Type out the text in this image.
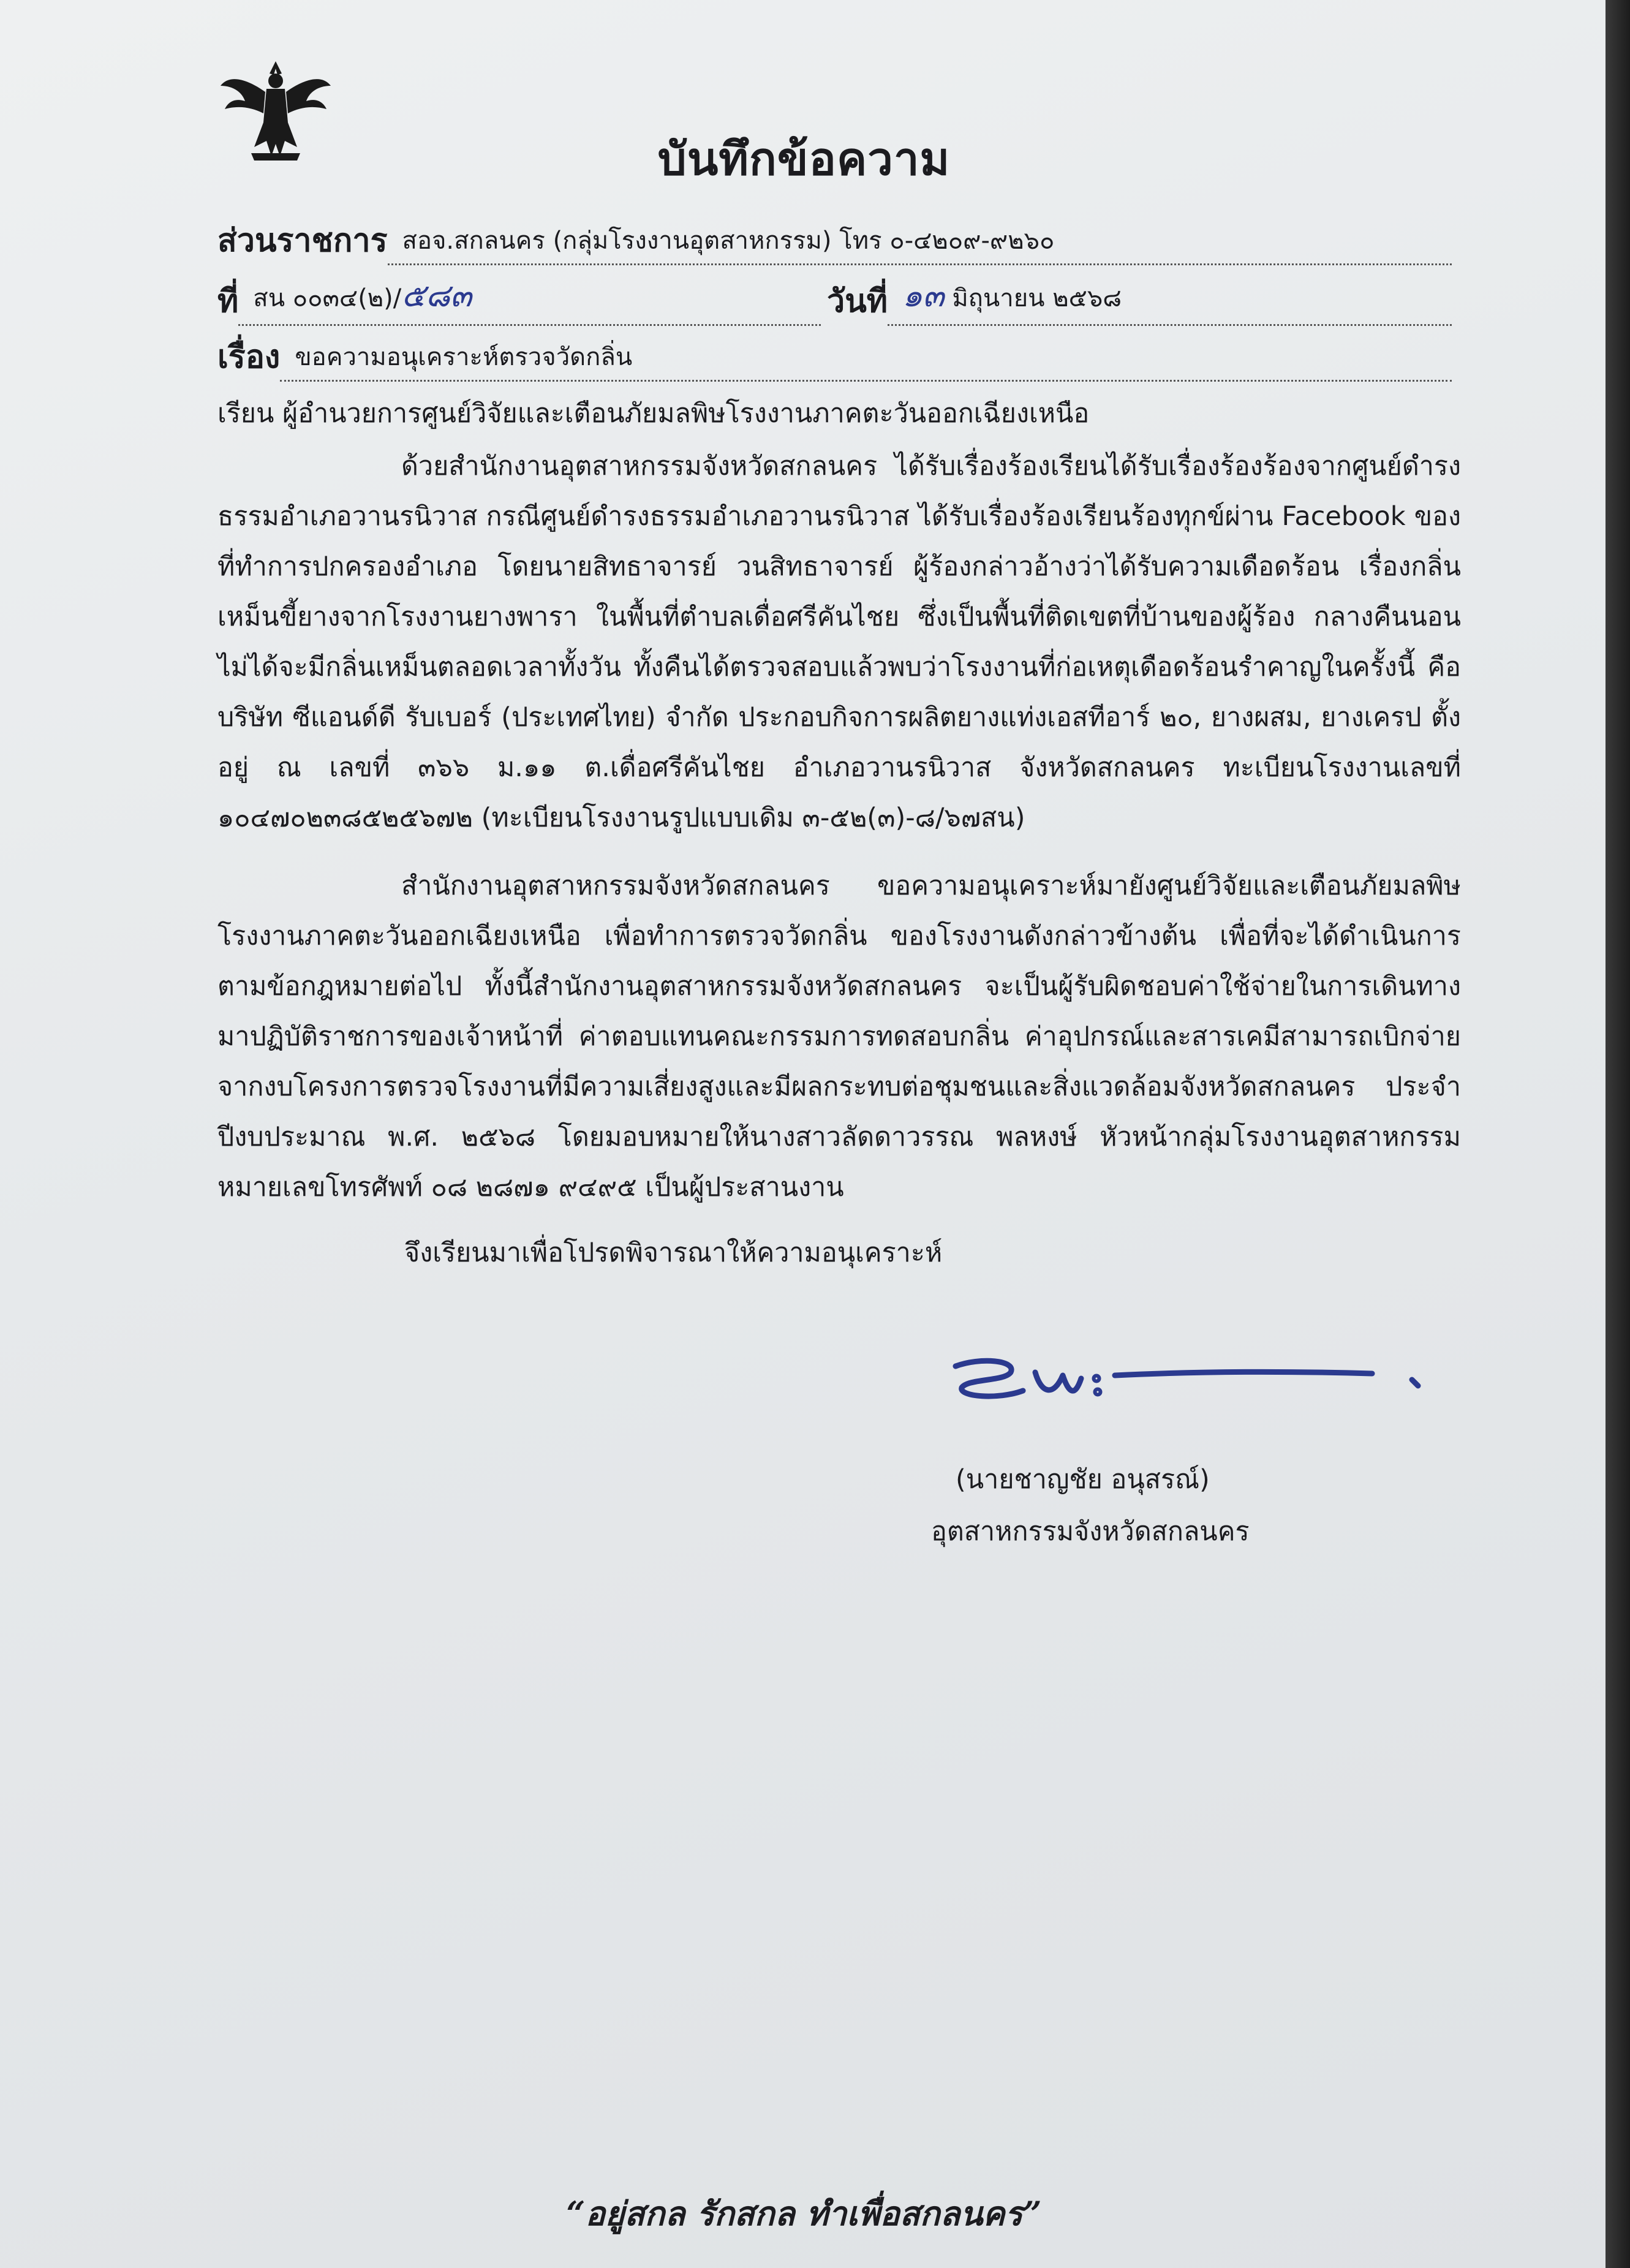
บันทึกข้อความ
ส่วนราชการ สอจ.สกลนคร (กลุ่มโรงงานอุตสาหกรรม) โทร ๐-๔๒๐๙-๙๒๖๐
ที่ สน ๐๐๓๔(๒)/๕๘๓	วันที่ ๑๓ มิถุนายน ๒๕๖๘
เรื่อง ขอความอนุเคราะห์ตรวจวัดกลิ่น
เรียน ผู้อำนวยการศูนย์วิจัยและเตือนภัยมลพิษโรงงานภาคตะวันออกเฉียงเหนือ

ด้วยสำนักงานอุตสาหกรรมจังหวัดสกลนคร ได้รับเรื่องร้องเรียนได้รับเรื่องร้องร้องจากศูนย์ดำรงธรรมอำเภอวานรนิวาส กรณีศูนย์ดำรงธรรมอำเภอวานรนิวาส ได้รับเรื่องร้องเรียนร้องทุกข์ผ่าน Facebook ของที่ทำการปกครองอำเภอ โดยนายสิทธาจารย์ วนสิทธาจารย์ ผู้ร้องกล่าวอ้างว่าได้รับความเดือดร้อน เรื่องกลิ่นเหม็นขี้ยางจากโรงงานยางพารา ในพื้นที่ตำบลเดื่อศรีคันไชย ซึ่งเป็นพื้นที่ติดเขตที่บ้านของผู้ร้อง กลางคืนนอนไม่ได้จะมีกลิ่นเหม็นตลอดเวลาทั้งวัน ทั้งคืนได้ตรวจสอบแล้วพบว่าโรงงานที่ก่อเหตุเดือดร้อนรำคาญในครั้งนี้ คือบริษัท ซีแอนด์ดี รับเบอร์ (ประเทศไทย) จำกัด ประกอบกิจการผลิตยางแท่งเอสทีอาร์ ๒๐, ยางผสม, ยางเครป ตั้งอยู่ ณ เลขที่ ๓๖๖ ม.๑๑ ต.เดื่อศรีคันไชย อำเภอวานรนิวาส จังหวัดสกลนคร ทะเบียนโรงงานเลขที่ ๑๐๔๗๐๒๓๘๕๒๕๖๗๒ (ทะเบียนโรงงานรูปแบบเดิม ๓-๕๒(๓)-๘/๖๗สน)

สำนักงานอุตสาหกรรมจังหวัดสกลนคร ขอความอนุเคราะห์มายังศูนย์วิจัยและเตือนภัยมลพิษโรงงานภาคตะวันออกเฉียงเหนือ เพื่อทำการตรวจวัดกลิ่น ของโรงงานดังกล่าวข้างต้น เพื่อที่จะได้ดำเนินการตามข้อกฎหมายต่อไป ทั้งนี้สำนักงานอุตสาหกรรมจังหวัดสกลนคร จะเป็นผู้รับผิดชอบค่าใช้จ่ายในการเดินทางมาปฏิบัติราชการของเจ้าหน้าที่ ค่าตอบแทนคณะกรรมการทดสอบกลิ่น ค่าอุปกรณ์และสารเคมีสามารถเบิกจ่ายจากงบโครงการตรวจโรงงานที่มีความเสี่ยงสูงและมีผลกระทบต่อชุมชนและสิ่งแวดล้อมจังหวัดสกลนคร ประจำปีงบประมาณ พ.ศ. ๒๕๖๘ โดยมอบหมายให้นางสาวลัดดาวรรณ พลหงษ์ หัวหน้ากลุ่มโรงงานอุตสาหกรรม หมายเลขโทรศัพท์ ๐๘ ๒๘๗๑ ๙๔๙๕ เป็นผู้ประสานงาน

จึงเรียนมาเพื่อโปรดพิจารณาให้ความอนุเคราะห์
(นายชาญชัย อนุสรณ์)
อุตสาหกรรมจังหวัดสกลนคร
“อยู่สกล รักสกล ทำเพื่อสกลนคร”
